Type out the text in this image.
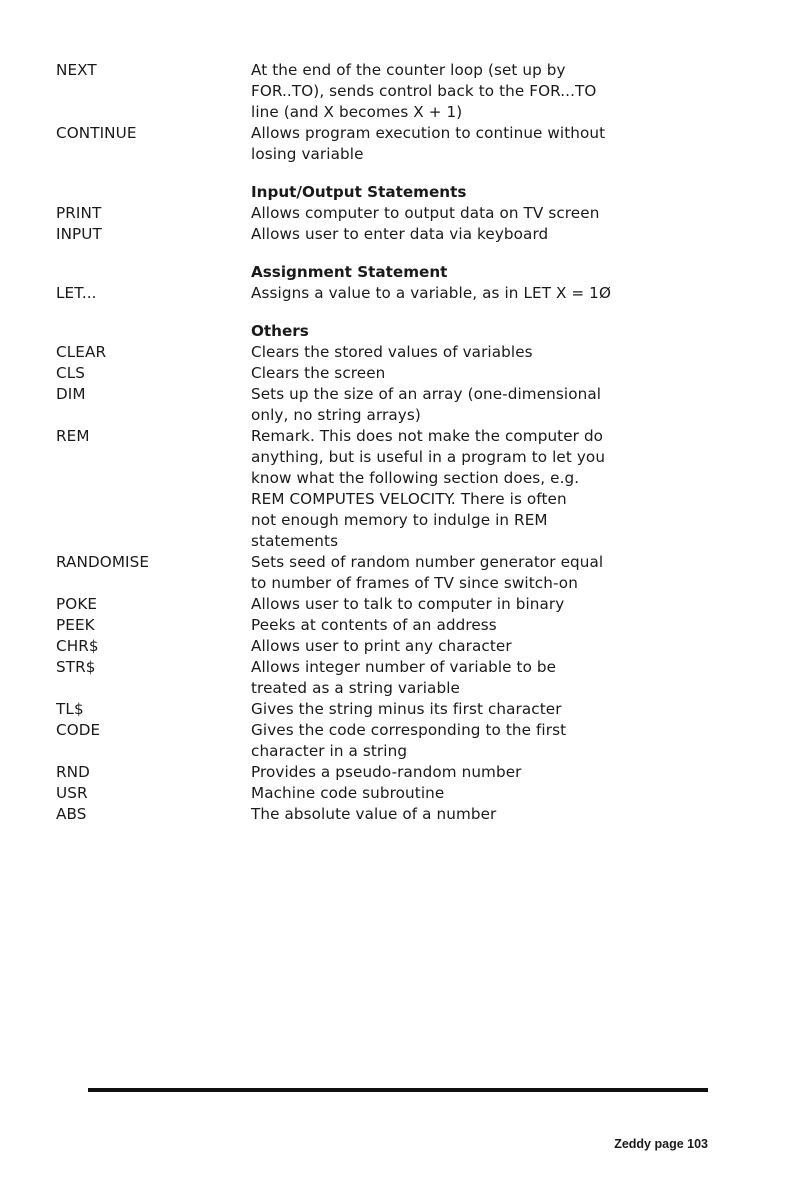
NEXT	At the end of the counter loop (set up by
FOR..TO), sends control back to the FOR...TO
line (and X becomes X + 1)
CONTINUE	Allows program execution to continue without
losing variable
Input/Output Statements
PRINT	Allows computer to output data on TV screen
INPUT	Allows user to enter data via keyboard
Assignment Statement
LET...	Assigns a value to a variable, as in LET X = 1Ø
Others
CLEAR	Clears the stored values of variables
CLS	Clears the screen
DIM	Sets up the size of an array (one-dimensional
only, no string arrays)
REM	Remark. This does not make the computer do
anything, but is useful in a program to let you
know what the following section does, e.g.
REM COMPUTES VELOCITY. There is often
not enough memory to indulge in REM
statements
RANDOMISE	Sets seed of random number generator equal
to number of frames of TV since switch-on
POKE	Allows user to talk to computer in binary
PEEK	Peeks at contents of an address
CHR$	Allows user to print any character
STR$	Allows integer number of variable to be
treated as a string variable
TL$	Gives the string minus its first character
CODE	Gives the code corresponding to the first
character in a string
RND	Provides a pseudo-random number
USR	Machine code subroutine
ABS	The absolute value of a number
Zeddy page 103
